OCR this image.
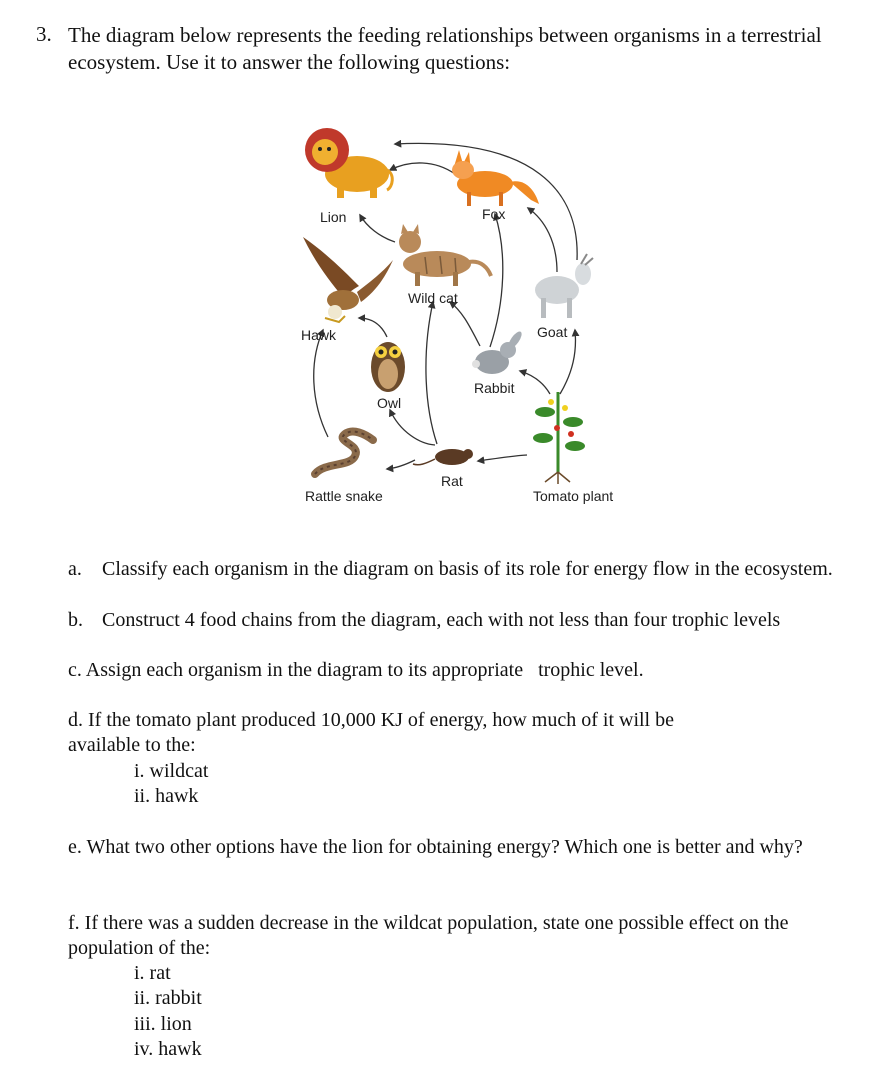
3. The diagram below represents the feeding relationships between organisms in a terrestrial ecosystem. Use it to answer the following questions:
Lion	Fox
Hawk
Wild cat
Goat
Owl
Rabbit
Rat
Rattle snake	Tomato plant
a. Classify each organism in the diagram on basis of its role for energy flow in the ecosystem.
b. Construct 4 food chains from the diagram, each with not less than four trophic levels
c. Assign each organism in the diagram to its appropriate   trophic level.
d. If the tomato plant produced 10,000 KJ of energy, how much of it will be available to the:
i. wildcat
ii. hawk
e. What two other options have the lion for obtaining energy? Which one is better and why?
f. If there was a sudden decrease in the wildcat population, state one possible effect on the population of the:
i. rat
ii. rabbit
iii. lion
iv. hawk
